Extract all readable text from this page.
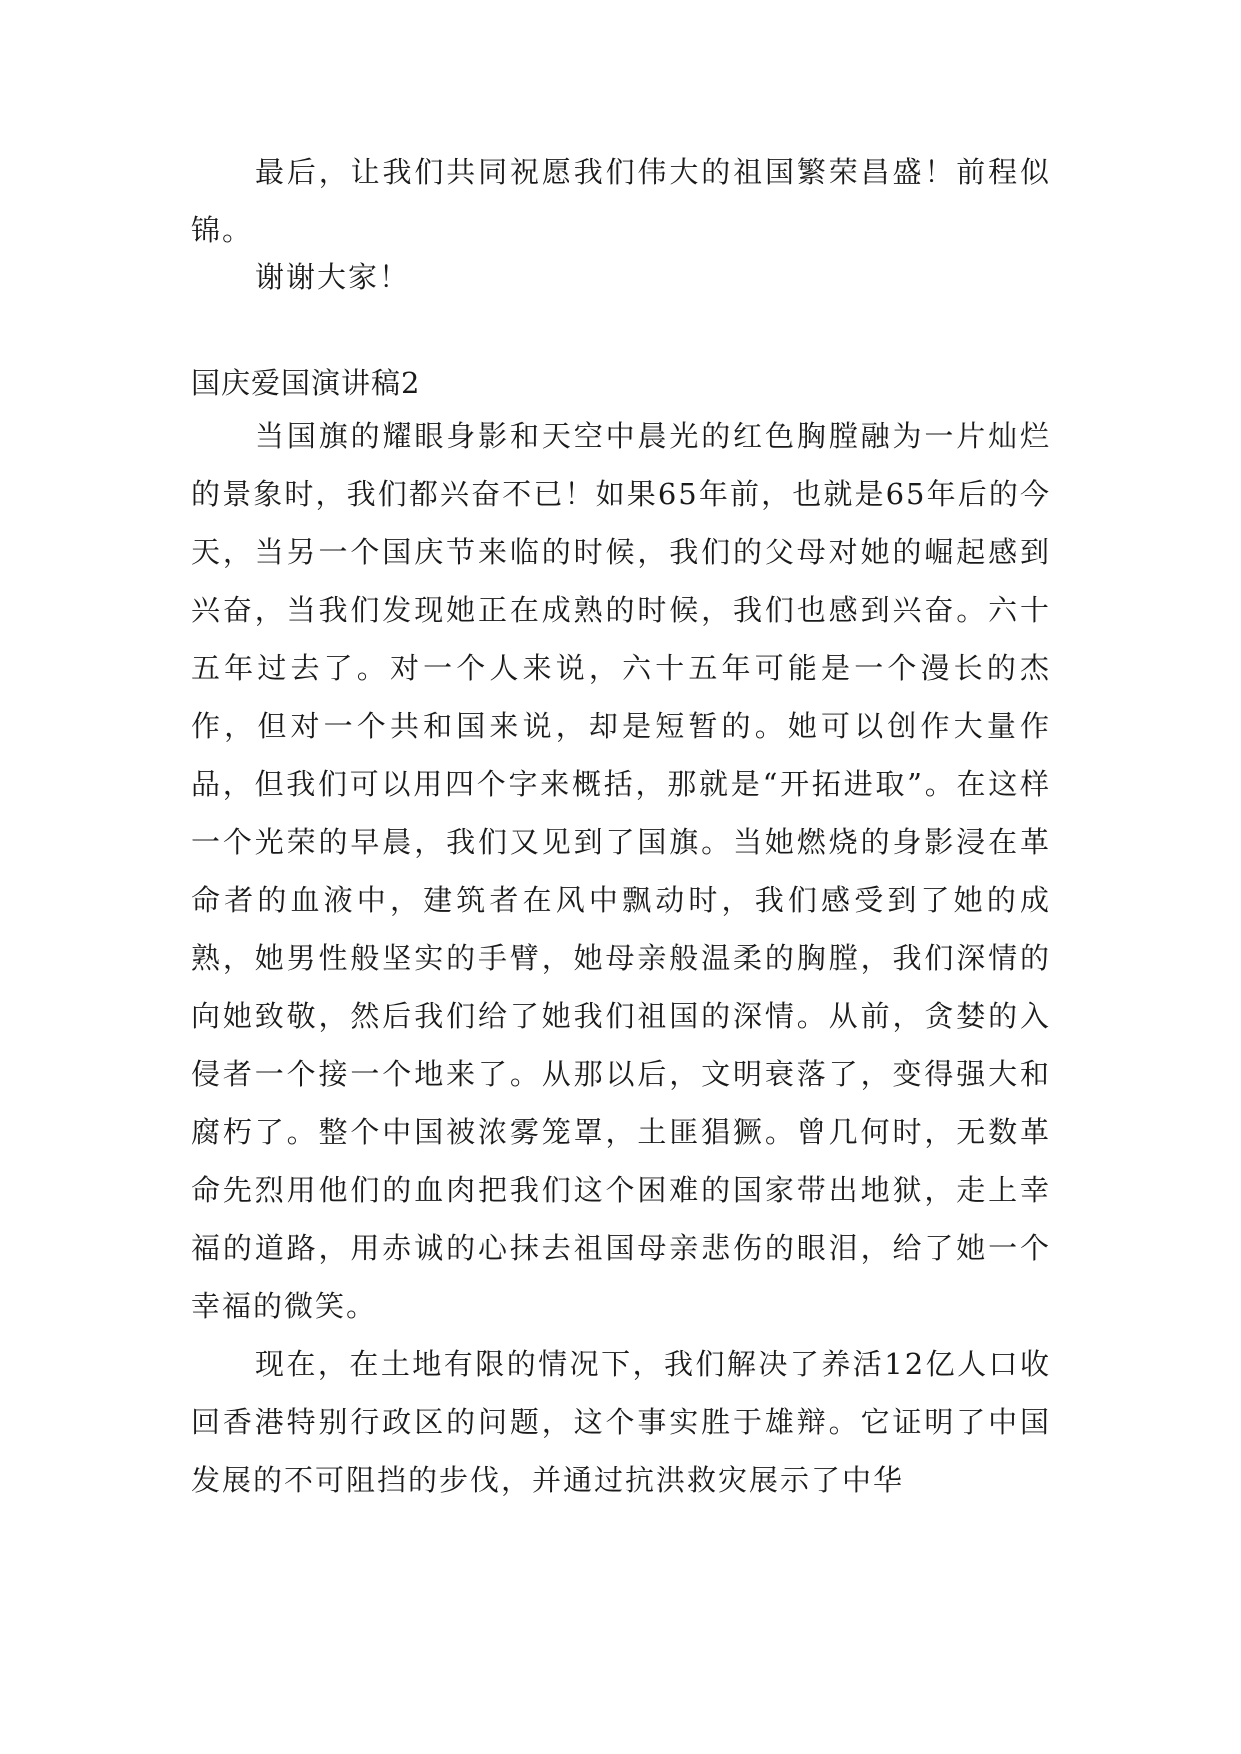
最后，让我们共同祝愿我们伟大的祖国繁荣昌盛！前程似锦。

谢谢大家！

国庆爱国演讲稿2

当国旗的耀眼身影和天空中晨光的红色胸膛融为一片灿烂的景象时，我们都兴奋不已！如果65年前，也就是65年后的今天，当另一个国庆节来临的时候，我们的父母对她的崛起感到兴奋，当我们发现她正在成熟的时候，我们也感到兴奋。六十五年过去了。对一个人来说，六十五年可能是一个漫长的杰作，但对一个共和国来说，却是短暂的。她可以创作大量作品，但我们可以用四个字来概括，那就是“开拓进取”。在这样一个光荣的早晨，我们又见到了国旗。当她燃烧的身影浸在革命者的血液中，建筑者在风中飘动时，我们感受到了她的成熟，她男性般坚实的手臂，她母亲般温柔的胸膛，我们深情的向她致敬，然后我们给了她我们祖国的深情。从前，贪婪的入侵者一个接一个地来了。从那以后，文明衰落了，变得强大和腐朽了。整个中国被浓雾笼罩，土匪猖獗。曾几何时，无数革命先烈用他们的血肉把我们这个困难的国家带出地狱，走上幸福的道路，用赤诚的心抹去祖国母亲悲伤的眼泪，给了她一个幸福的微笑。

现在，在土地有限的情况下，我们解决了养活12亿人口收回香港特别行政区的问题，这个事实胜于雄辩。它证明了中国发展的不可阻挡的步伐，并通过抗洪救灾展示了中华
